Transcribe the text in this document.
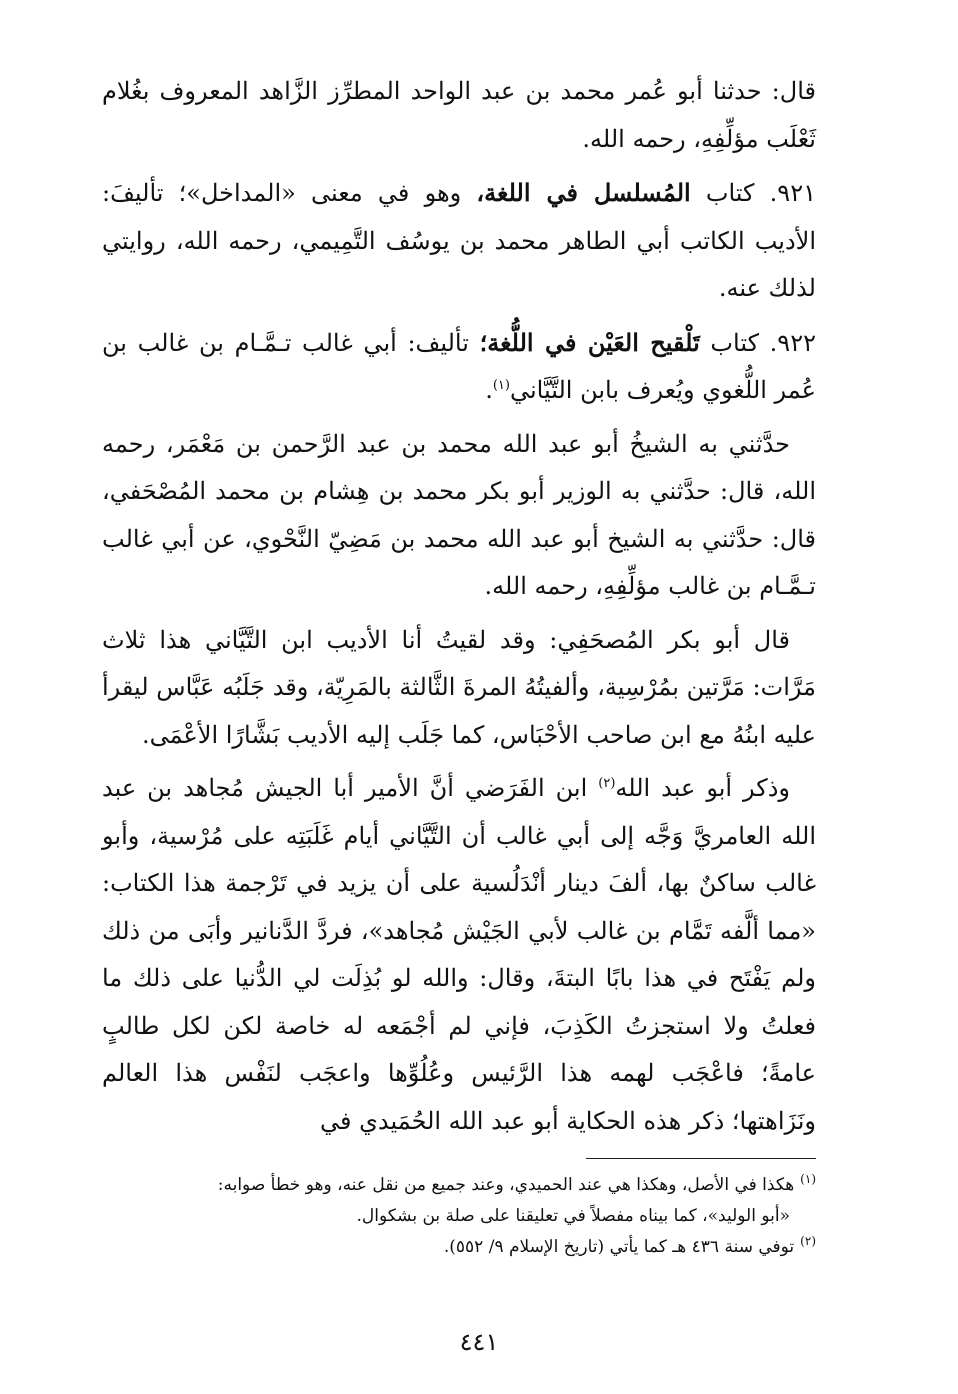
قال: حدثنا أبو عُمر محمد بن عبد الواحد المطرِّز الزَّاهد المعروف بغُلام ثَعْلَب مؤلِّفِهِ، رحمه الله.

٩٢١. كتاب المُسلسل في اللغة، وهو في معنى «المداخل»؛ تأليفَ: الأديب الكاتب أبي الطاهر محمد بن يوسُف التَّمِيمي، رحمه الله، روايتي لذلك عنه.

٩٢٢. كتاب تَلْقيح العَيْن في اللُّغة؛ تأليف: أبي غالب تـمَّـام بن غالب بن عُمر اللُّغوي ويُعرف بابن التَّيَّاني$^{(١)}$.

حدَّثني به الشيخُ أبو عبد الله محمد بن عبد الرَّحمن بن مَعْمَر، رحمه الله، قال: حدَّثني به الوزير أبو بكر محمد بن هِشام بن محمد المُصْحَفي، قال: حدَّثني به الشيخ أبو عبد الله محمد بن مَضِيّ النَّحْوي، عن أبي غالب تـمَّـام بن غالب مؤلِّفِهِ، رحمه الله.

قال أبو بكر المُصحَفِي: وقد لقيتُ أنا الأديب ابن التَّيَّاني هذا ثلاث مَرَّات: مَرَّتين بمُرْسِية، وألفيتُهُ المرةَ الثَّالثة بالمَرِيّة، وقد جَلَبُه عَبَّاس ليقرأ عليه ابنُهُ مع ابن صاحب الأحْبَاس، كما جَلَب إليه الأديب بَشَّارًا الأعْمَى.

وذكر أبو عبد الله$^{(٢)}$ ابن الفَرَضي أنَّ الأمير أبا الجيش مُجاهد بن عبد الله العامريَّ وَجَّه إلى أبي غالب أن التَّيَّاني أيام غَلَبَتِه على مُرْسية، وأبو غالب ساكنٌ بها، ألفَ دينار أنْدَلُسية على أن يزيد في تَرْجمة هذا الكتاب: «مما ألَّفه تَمَّام بن غالب لأبي الجَيْش مُجاهد»، فردَّ الدَّنانير وأبَى من ذلك ولم يَفْتَح في هذا بابًا البتةَ، وقال: والله لو بُذِلَت لي الدُّنيا على ذلك ما فعلتُ ولا استجزتُ الكَذِبَ، فإني لم أجْمَعه له خاصة لكن لكل طالبٍ عامةً؛ فاعْجَب لهمه هذا الرَّئيس وعُلُوِّها واعجَب لنَفْس هذا العالم ونَزَاهتها؛ ذكر هذه الحكاية أبو عبد الله الحُمَيدي في

$^{(١)}$هكذا في الأصل، وهكذا هي عند الحميدي، وعند جميع من نقل عنه، وهو خطأ صوابه:
«أبو الوليد»، كما بيناه مفصلاً في تعليقنا على صلة بن بشكوال.

$^{(٢)}$توفي سنة ٤٣٦ هـ كما يأتي (تاريخ الإسلام ٩/ ٥٥٢).

٤٤١
